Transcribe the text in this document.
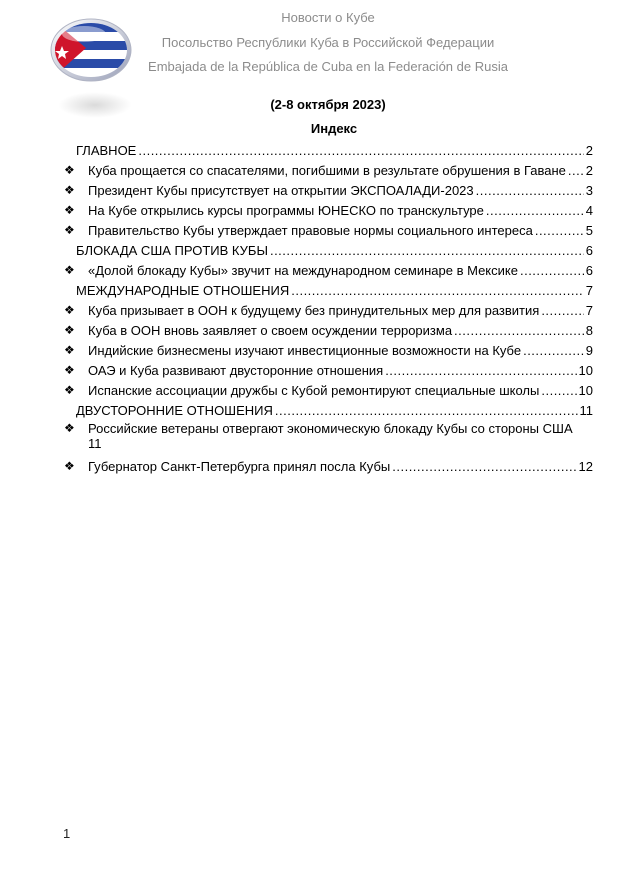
Новости о Кубе
Посольство Республики Куба в Российской Федерации
Embajada de la República de Cuba en la Federación de Rusia
(2-8 октября 2023)
Индекс
ГЛАВНОЕ .....	2
❖ Куба прощается со спасателями, погибшими в результате обрушения в Гаване ..... 2
❖ Президент Кубы присутствует на открытии ЭКСПОАЛАДИ-2023 .....	3
❖ На Кубе открылись курсы программы ЮНЕСКО по транскультуре .....	4
❖ Правительство Кубы утверждает правовые нормы социального интереса .....	5
БЛОКАДА США ПРОТИВ КУБЫ .....	6
❖ «Долой блокаду Кубы» звучит на международном семинаре в Мексике .....	6
МЕЖДУНАРОДНЫЕ ОТНОШЕНИЯ .....	7
❖ Куба призывает в ООН к будущему без принудительных мер для развития .....	7
❖ Куба в ООН вновь заявляет о своем осуждении терроризма .....	8
❖ Индийские бизнесмены изучают инвестиционные возможности на Кубе .....	9
❖ ОАЭ и Куба развивают двусторонние отношения .....	10
❖ Испанские ассоциации дружбы с Кубой ремонтируют специальные школы .....	10
ДВУСТОРОННИЕ ОТНОШЕНИЯ .....	11
❖ Российские ветераны отвергают экономическую блокаду Кубы со стороны США
11
❖ Губернатор Санкт-Петербурга принял посла Кубы .....	12
1
